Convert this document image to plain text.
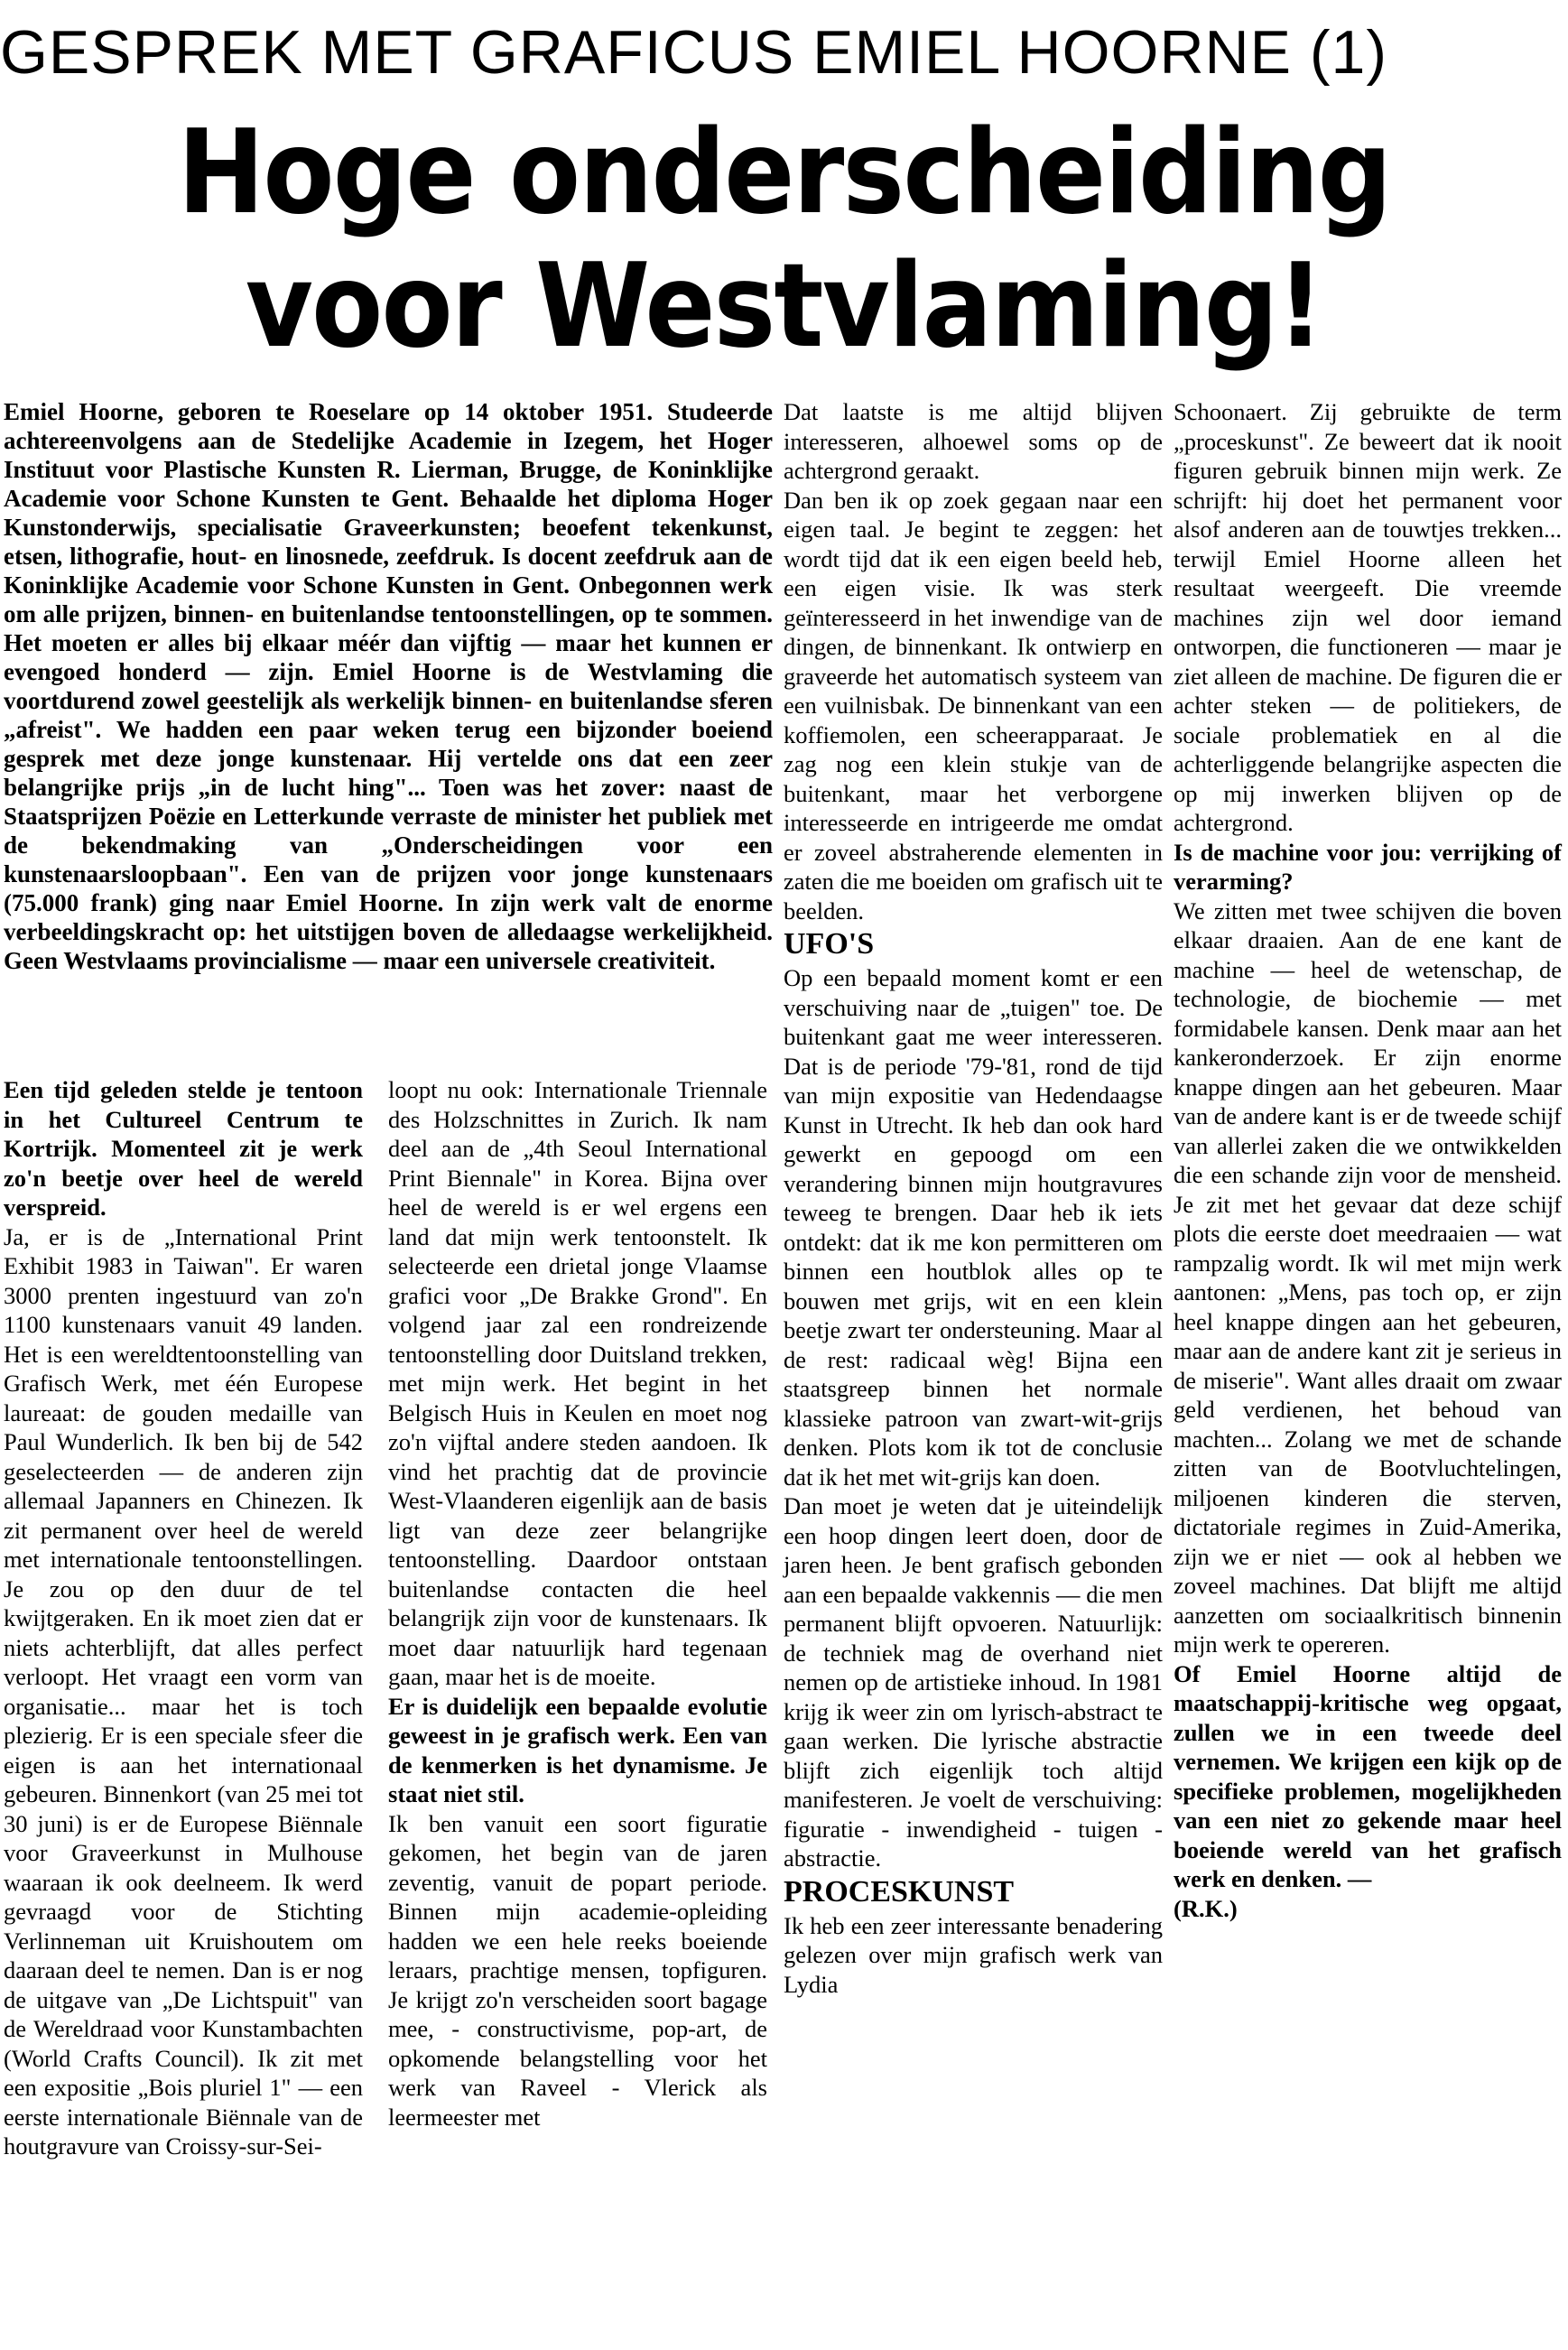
GESPREK MET GRAFICUS EMIEL HOORNE (1)
Hoge onderscheiding
voor Westvlaming!

Emiel Hoorne, geboren te Roeselare op 14 oktober 1951. Studeerde achtereenvolgens aan de Stedelijke Academie in Izegem, het Hoger Instituut voor Plastische Kunsten R. Lierman, Brugge, de Koninklijke Academie voor Schone Kunsten te Gent. Behaalde het diploma Hoger Kunstonderwijs, specialisatie Graveerkunsten; beoefent tekenkunst, etsen, lithografie, hout- en linosnede, zeefdruk. Is docent zeefdruk aan de Koninklijke Academie voor Schone Kunsten in Gent. Onbegonnen werk om alle prijzen, binnen- en buitenlandse tentoonstellingen, op te sommen. Het moeten er alles bij elkaar méér dan vijftig — maar het kunnen er evengoed honderd — zijn. Emiel Hoorne is de Westvlaming die voortdurend zowel geestelijk als werkelijk binnen- en buitenlandse sferen „afreist". We hadden een paar weken terug een bijzonder boeiend gesprek met deze jonge kunstenaar. Hij vertelde ons dat een zeer belangrijke prijs „in de lucht hing"... Toen was het zover: naast de Staatsprijzen Poëzie en Letterkunde verraste de minister het publiek met de bekendmaking van „Onderscheidingen voor een kunstenaarsloopbaan". Een van de prijzen voor jonge kunstenaars (75.000 frank) ging naar Emiel Hoorne. In zijn werk valt de enorme verbeeldingskracht op: het uitstijgen boven de alledaagse werkelijkheid. Geen Westvlaams provincialisme — maar een universele creativiteit.

Een tijd geleden stelde je tentoon in het Cultureel Centrum te Kortrijk. Momenteel zit je werk zo'n beetje over heel de wereld verspreid.

Ja, er is de „International Print Exhibit 1983 in Taiwan". Er waren 3000 prenten ingestuurd van zo'n 1100 kunstenaars vanuit 49 landen. Het is een wereldtentoonstelling van Grafisch Werk, met één Europese laureaat: de gouden medaille van Paul Wunderlich. Ik ben bij de 542 geselecteerden — de anderen zijn allemaal Japanners en Chinezen. Ik zit permanent over heel de wereld met internationale tentoonstellingen. Je zou op den duur de tel kwijtgeraken. En ik moet zien dat er niets achterblijft, dat alles perfect verloopt. Het vraagt een vorm van organisatie... maar het is toch plezierig. Er is een speciale sfeer die eigen is aan het internationaal gebeuren. Binnenkort (van 25 mei tot 30 juni) is er de Europese Biënnale voor Graveerkunst in Mulhouse waaraan ik ook deelneem. Ik werd gevraagd voor de Stichting Verlinneman uit Kruishoutem om daaraan deel te nemen. Dan is er nog de uitgave van „De Lichtspuit" van de Wereldraad voor Kunstambachten (World Crafts Council). Ik zit met een expositie „Bois pluriel 1" — een eerste internationale Biënnale van de houtgravure van Croissy-sur-Sei-

loopt nu ook: Internationale Triennale des Holzschnittes in Zurich. Ik nam deel aan de „4th Seoul International Print Biennale" in Korea. Bijna over heel de wereld is er wel ergens een land dat mijn werk tentoonstelt. Ik selecteerde een drietal jonge Vlaamse grafici voor „De Brakke Grond". En volgend jaar zal een rondreizende tentoonstelling door Duitsland trekken, met mijn werk. Het begint in het Belgisch Huis in Keulen en moet nog zo'n vijftal andere steden aandoen. Ik vind het prachtig dat de provincie West-Vlaanderen eigenlijk aan de basis ligt van deze zeer belangrijke tentoonstelling. Daardoor ontstaan buitenlandse contacten die heel belangrijk zijn voor de kunstenaars. Ik moet daar natuurlijk hard tegenaan gaan, maar het is de moeite.

Er is duidelijk een bepaalde evolutie geweest in je grafisch werk. Een van de kenmerken is het dynamisme. Je staat niet stil.

Ik ben vanuit een soort figuratie gekomen, het begin van de jaren zeventig, vanuit de popart periode. Binnen mijn academie-opleiding hadden we een hele reeks boeiende leraars, prachtige mensen, topfiguren. Je krijgt zo'n verscheiden soort bagage mee, - constructivisme, pop-art, de opkomende belangstelling voor het werk van Raveel - Vlerick als leermeester met

Dat laatste is me altijd blijven interesseren, alhoewel soms op de achtergrond geraakt.

Dan ben ik op zoek gegaan naar een eigen taal. Je begint te zeggen: het wordt tijd dat ik een eigen beeld heb, een eigen visie. Ik was sterk geïnteresseerd in het inwendige van de dingen, de binnenkant. Ik ontwierp en graveerde het automatisch systeem van een vuilnisbak. De binnenkant van een koffiemolen, een scheerapparaat. Je zag nog een klein stukje van de buitenkant, maar het verborgene interesseerde en intrigeerde me omdat er zoveel abstraherende elementen in zaten die me boeiden om grafisch uit te beelden.

UFO'S

Op een bepaald moment komt er een verschuiving naar de „tuigen" toe. De buitenkant gaat me weer interesseren. Dat is de periode '79-'81, rond de tijd van mijn expositie van Hedendaagse Kunst in Utrecht. Ik heb dan ook hard gewerkt en gepoogd om een verandering binnen mijn houtgravures teweeg te brengen. Daar heb ik iets ontdekt: dat ik me kon permitteren om binnen een houtblok alles op te bouwen met grijs, wit en een klein beetje zwart ter ondersteuning. Maar al de rest: radicaal wèg! Bijna een staatsgreep binnen het normale klassieke patroon van zwart-wit-grijs denken. Plots kom ik tot de conclusie dat ik het met wit-grijs kan doen.

Dan moet je weten dat je uiteindelijk een hoop dingen leert doen, door de jaren heen. Je bent grafisch gebonden aan een bepaalde vakkennis — die men permanent blijft opvoeren. Natuurlijk: de techniek mag de overhand niet nemen op de artistieke inhoud. In 1981 krijg ik weer zin om lyrisch-abstract te gaan werken. Die lyrische abstractie blijft zich eigenlijk toch altijd manifesteren. Je voelt de verschuiving: figuratie - inwendigheid - tuigen - abstractie.

PROCESKUNST

Ik heb een zeer interessante benadering gelezen over mijn grafisch werk van Lydia

Schoonaert. Zij gebruikte de term „proceskunst". Ze beweert dat ik nooit figuren gebruik binnen mijn werk. Ze schrijft: hij doet het permanent voor alsof anderen aan de touwtjes trekken... terwijl Emiel Hoorne alleen het resultaat weergeeft. Die vreemde machines zijn wel door iemand ontworpen, die functioneren — maar je ziet alleen de machine. De figuren die er achter steken — de politiekers, de sociale problematiek en al die achterliggende belangrijke aspecten die op mij inwerken blijven op de achtergrond.

Is de machine voor jou: verrijking of verarming?

We zitten met twee schijven die boven elkaar draaien. Aan de ene kant de machine — heel de wetenschap, de technologie, de biochemie — met formidabele kansen. Denk maar aan het kankeronderzoek. Er zijn enorme knappe dingen aan het gebeuren. Maar van de andere kant is er de tweede schijf van allerlei zaken die we ontwikkelden die een schande zijn voor de mensheid. Je zit met het gevaar dat deze schijf plots die eerste doet meedraaien — wat rampzalig wordt. Ik wil met mijn werk aantonen: „Mens, pas toch op, er zijn heel knappe dingen aan het gebeuren, maar aan de andere kant zit je serieus in de miserie". Want alles draait om zwaar geld verdienen, het behoud van machten... Zolang we met de schande zitten van de Bootvluchtelingen, miljoenen kinderen die sterven, dictatoriale regimes in Zuid-Amerika, zijn we er niet — ook al hebben we zoveel machines. Dat blijft me altijd aanzetten om sociaalkritisch binnenin mijn werk te opereren.

Of Emiel Hoorne altijd de maatschappij-kritische weg opgaat, zullen we in een tweede deel vernemen. We krijgen een kijk op de specifieke problemen, mogelijkheden van een niet zo gekende maar heel boeiende wereld van het grafisch werk en denken. —

(R.K.)
